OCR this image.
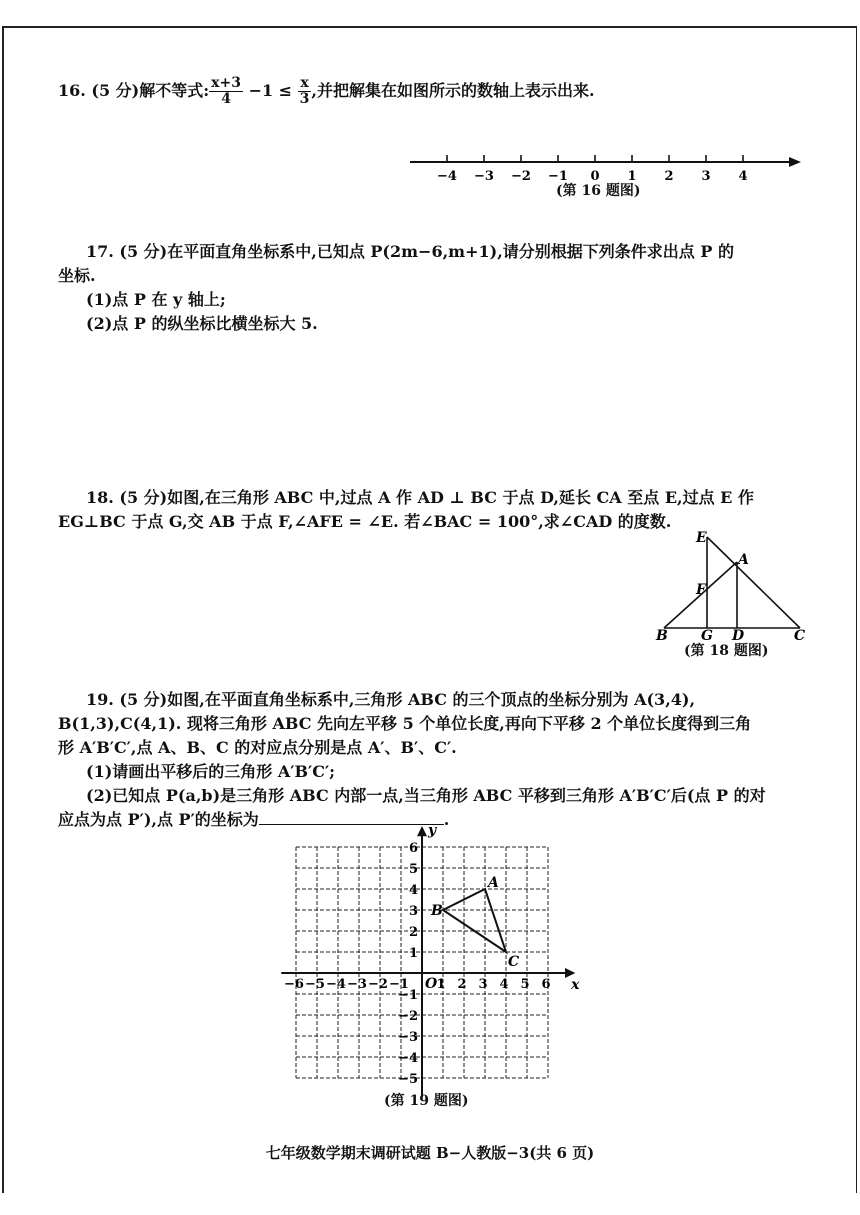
16. (5 分)解不等式: $\frac{x+3}{4} -1 \le \frac{x}{3}$ ,并把解集在如图所示的数轴上表示出来.

−4 −3 −2 −1 0 1 2 3 4
(第 16 题图)

17. (5 分)在平面直角坐标系中,已知点 P(2m−6,m+1),请分别根据下列条件求出点 P 的

坐标.

(1)点 P 在 y 轴上;

(2)点 P 的纵坐标比横坐标大 5.

18. (5 分)如图,在三角形 ABC 中,过点 A 作 AD ⊥ BC 于点 D,延长 CA 至点 E,过点 E 作

EG⊥BC 于点 G,交 AB 于点 F,∠AFE = ∠E. 若∠BAC = 100°,求∠CAD 的度数.

E
A
F
B G D	C
(第 18 题图)

19. (5 分)如图,在平面直角坐标系中,三角形 ABC 的三个顶点的坐标分别为 A(3,4),

B(1,3),C(4,1). 现将三角形 ABC 先向左平移 5 个单位长度,再向下平移 2 个单位长度得到三角

形 A′B′C′,点 A、B、C 的对应点分别是点 A′、B′、C′.

(1)请画出平移后的三角形 A′B′C′;

(2)已知点 P(a,b)是三角形 ABC 内部一点,当三角形 ABC 平移到三角形 A′B′C′后(点 P 的对

应点为点 P′),点 P′的坐标为	.

−6 −5 −4 −3 −2 −1 1 2 3 4 5 6
1
2
3
4
5
6
−1
−2
−3
−4
−5
O	x
y
A
B
C
(第 19 题图)
七年级数学期末调研试题 B−人教版−3(共 6 页)
